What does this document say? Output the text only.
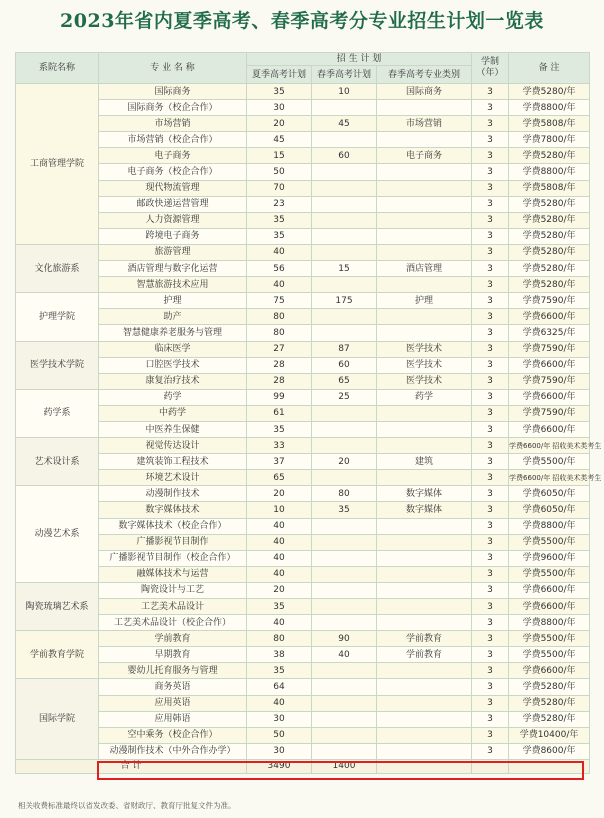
2023年省内夏季高考、春季高考分专业招生计划一览表
系院名称	专 业 名 称	招 生 计 划			学制（年）	备 注
		夏季高考计划	春季高考计划	春季高考专业类别		
工商管理学院	国际商务	35	10	国际商务	3	学费5280/年
	国际商务（校企合作）	30			3	学费8800/年
	市场营销	20	45	市场营销	3	学费5808/年
	市场营销（校企合作）	45			3	学费7800/年
	电子商务	15	60	电子商务	3	学费5280/年
	电子商务（校企合作）	50			3	学费8800/年
	现代物流管理	70			3	学费5808/年
	邮政快递运营管理	23			3	学费5280/年
	人力资源管理	35			3	学费5280/年
	跨境电子商务	35			3	学费5280/年
文化旅游系	旅游管理	40			3	学费5280/年
	酒店管理与数字化运营	56	15	酒店管理	3	学费5280/年
	智慧旅游技术应用	40			3	学费5280/年
护理学院	护理	75	175	护理	3	学费7590/年
	助产	80			3	学费6600/年
	智慧健康养老服务与管理	80			3	学费6325/年
医学技术学院	临床医学	27	87	医学技术	3	学费7590/年
	口腔医学技术	28	60	医学技术	3	学费6600/年
	康复治疗技术	28	65	医学技术	3	学费7590/年
药学系	药学	99	25	药学	3	学费6600/年
	中药学	61			3	学费7590/年
	中医养生保健	35			3	学费6600/年
艺术设计系	视觉传达设计	33			3	学费6600/年 招收美术类考生
	建筑装饰工程技术	37	20	建筑	3	学费5500/年
	环境艺术设计	65			3	学费6600/年 招收美术类考生
动漫艺术系	动漫制作技术	20	80	数字媒体	3	学费6050/年
	数字媒体技术	10	35	数字媒体	3	学费6050/年
	数字媒体技术（校企合作）	40			3	学费8800/年
	广播影视节目制作	40			3	学费5500/年
	广播影视节目制作（校企合作）	40			3	学费9600/年
	融媒体技术与运营	40			3	学费5500/年
陶瓷琉璃艺术系	陶瓷设计与工艺	20			3	学费6600/年
	工艺美术品设计	35			3	学费6600/年
	工艺美术品设计（校企合作）	40			3	学费8800/年
学前教育学院	学前教育	80	90	学前教育	3	学费5500/年
	早期教育	38	40	学前教育	3	学费5500/年
	婴幼儿托育服务与管理	35			3	学费6600/年
国际学院	商务英语	64			3	学费5280/年
	应用英语	40			3	学费5280/年
	应用韩语	30			3	学费5280/年
	空中乘务（校企合作）	50			3	学费10400/年
	动漫制作技术（中外合作办学）	30			3	学费8600/年
合 计		3490	1400			
相关收费标准最终以省发改委、省财政厅、教育厅批复文件为准。
